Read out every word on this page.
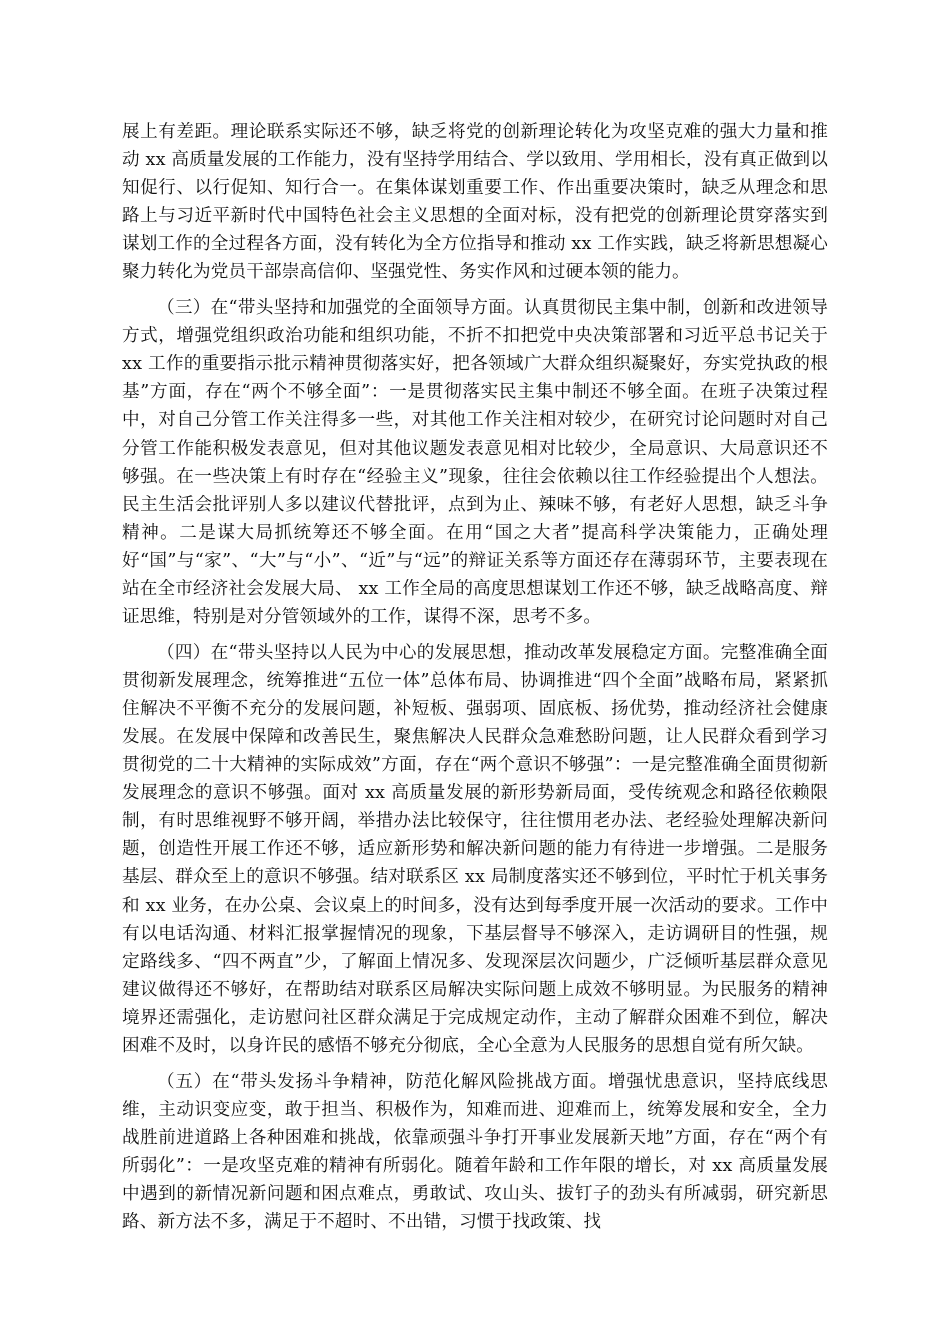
展上有差距。理论联系实际还不够，缺乏将党的创新理论转化为攻坚克难的强大力量和推动 xx 高质量发展的工作能力，没有坚持学用结合、学以致用、学用相长，没有真正做到以知促行、以行促知、知行合一。在集体谋划重要工作、作出重要决策时，缺乏从理念和思路上与习近平新时代中国特色社会主义思想的全面对标，没有把党的创新理论贯穿落实到谋划工作的全过程各方面，没有转化为全方位指导和推动 xx 工作实践，缺乏将新思想凝心聚力转化为党员干部崇高信仰、坚强党性、务实作风和过硬本领的能力。

（三）在“带头坚持和加强党的全面领导方面。认真贯彻民主集中制，创新和改进领导方式，增强党组织政治功能和组织功能，不折不扣把党中央决策部署和习近平总书记关于 xx 工作的重要指示批示精神贯彻落实好，把各领域广大群众组织凝聚好，夯实党执政的根基”方面，存在“两个不够全面”：一是贯彻落实民主集中制还不够全面。在班子决策过程中，对自己分管工作关注得多一些，对其他工作关注相对较少，在研究讨论问题时对自己分管工作能积极发表意见，但对其他议题发表意见相对比较少，全局意识、大局意识还不够强。在一些决策上有时存在“经验主义”现象，往往会依赖以往工作经验提出个人想法。民主生活会批评别人多以建议代替批评，点到为止、辣味不够，有老好人思想，缺乏斗争精神。二是谋大局抓统筹还不够全面。在用“国之大者”提高科学决策能力，正确处理好“国”与“家”、“大”与“小”、“近”与“远”的辩证关系等方面还存在薄弱环节，主要表现在站在全市经济社会发展大局、 xx 工作全局的高度思想谋划工作还不够，缺乏战略高度、辩证思维，特别是对分管领域外的工作，谋得不深，思考不多。

（四）在“带头坚持以人民为中心的发展思想，推动改革发展稳定方面。完整准确全面贯彻新发展理念，统筹推进“五位一体”总体布局、协调推进“四个全面”战略布局，紧紧抓住解决不平衡不充分的发展问题，补短板、强弱项、固底板、扬优势，推动经济社会健康发展。在发展中保障和改善民生，聚焦解决人民群众急难愁盼问题，让人民群众看到学习贯彻党的二十大精神的实际成效”方面，存在“两个意识不够强”：一是完整准确全面贯彻新发展理念的意识不够强。面对 xx 高质量发展的新形势新局面，受传统观念和路径依赖限制，有时思维视野不够开阔，举措办法比较保守，往往惯用老办法、老经验处理解决新问题，创造性开展工作还不够，适应新形势和解决新问题的能力有待进一步增强。二是服务基层、群众至上的意识不够强。结对联系区 xx 局制度落实还不够到位，平时忙于机关事务和 xx 业务，在办公桌、会议桌上的时间多，没有达到每季度开展一次活动的要求。工作中有以电话沟通、材料汇报掌握情况的现象，下基层督导不够深入，走访调研目的性强，规定路线多、“四不两直”少，了解面上情况多、发现深层次问题少，广泛倾听基层群众意见建议做得还不够好，在帮助结对联系区局解决实际问题上成效不够明显。为民服务的精神境界还需强化，走访慰问社区群众满足于完成规定动作，主动了解群众困难不到位，解决困难不及时，以身许民的感悟不够充分彻底，全心全意为人民服务的思想自觉有所欠缺。

（五）在“带头发扬斗争精神，防范化解风险挑战方面。增强忧患意识，坚持底线思维，主动识变应变，敢于担当、积极作为，知难而进、迎难而上，统筹发展和安全，全力战胜前进道路上各种困难和挑战，依靠顽强斗争打开事业发展新天地”方面，存在“两个有所弱化”：一是攻坚克难的精神有所弱化。随着年龄和工作年限的增长，对 xx 高质量发展中遇到的新情况新问题和困点难点，勇敢试、攻山头、拔钉子的劲头有所减弱，研究新思路、新方法不多，满足于不超时、不出错，习惯于找政策、找
